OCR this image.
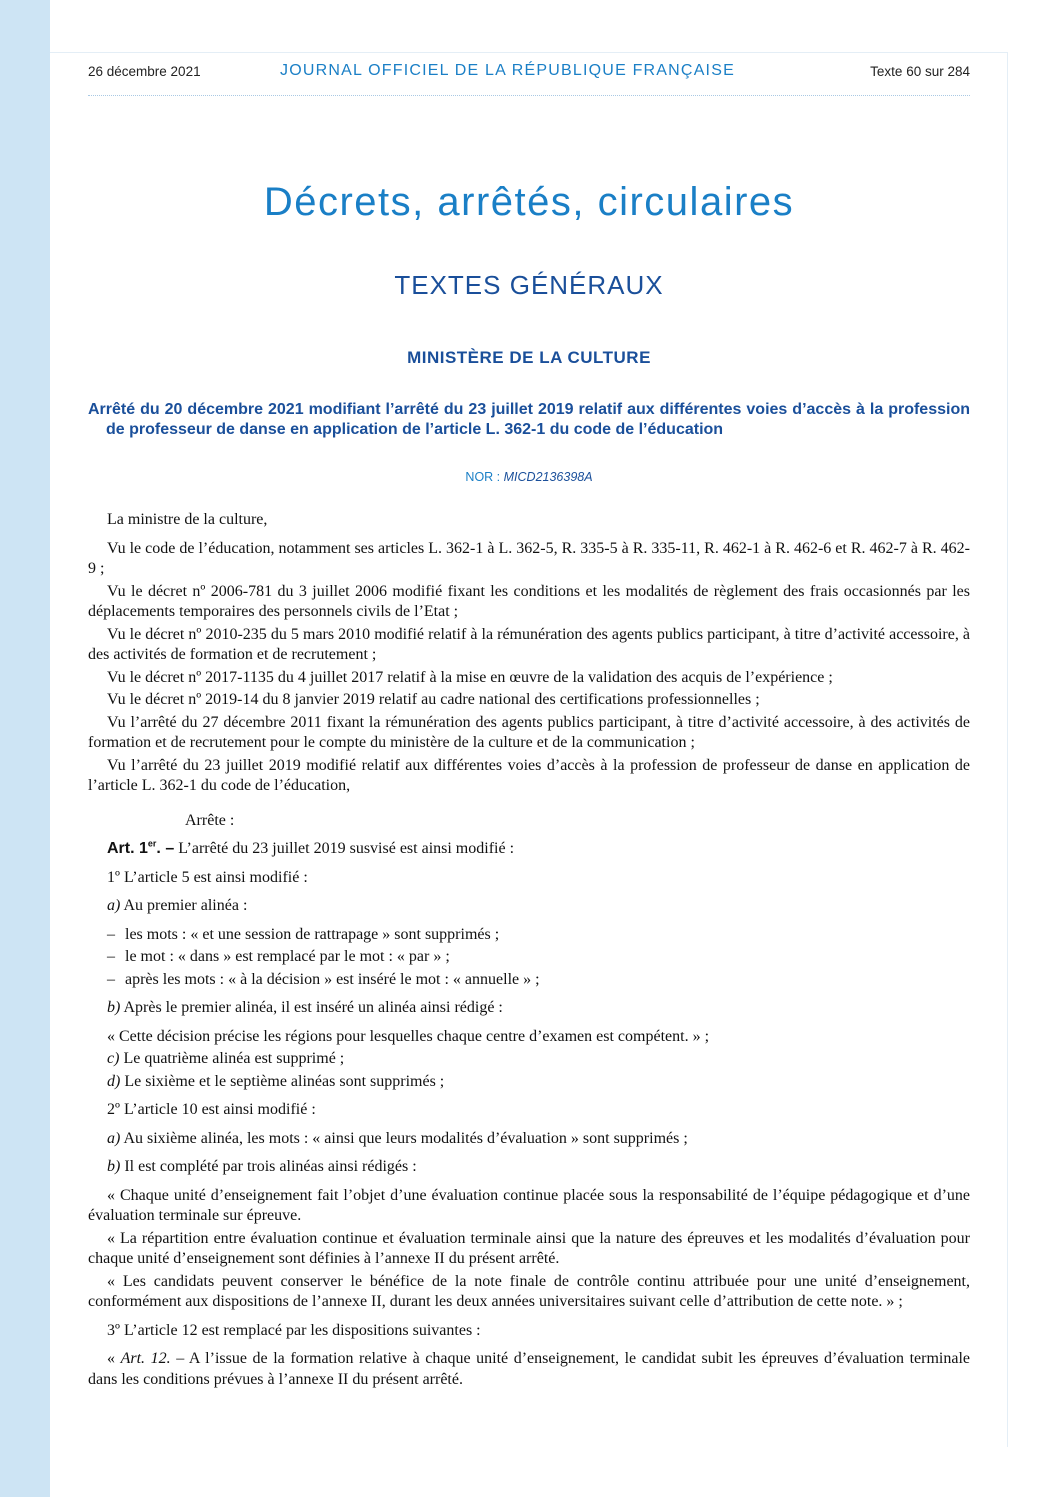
26 décembre 2021	JOURNAL OFFICIEL DE LA RÉPUBLIQUE FRANÇAISE	Texte 60 sur 284
Décrets, arrêtés, circulaires
TEXTES GÉNÉRAUX
MINISTÈRE DE LA CULTURE
Arrêté du 20 décembre 2021 modifiant l’arrêté du 23 juillet 2019 relatif aux différentes voies d’accès à la profession de professeur de danse en application de l’article L. 362-1 du code de l’éducation
NOR : MICD2136398A

La ministre de la culture,

Vu le code de l’éducation, notamment ses articles L. 362-1 à L. 362-5, R. 335-5 à R. 335-11, R. 462-1 à R. 462-6 et R. 462-7 à R. 462-9 ;

Vu le décret nº 2006-781 du 3 juillet 2006 modifié fixant les conditions et les modalités de règlement des frais occasionnés par les déplacements temporaires des personnels civils de l’Etat ;

Vu le décret nº 2010-235 du 5 mars 2010 modifié relatif à la rémunération des agents publics participant, à titre d’activité accessoire, à des activités de formation et de recrutement ;

Vu le décret nº 2017-1135 du 4 juillet 2017 relatif à la mise en œuvre de la validation des acquis de l’expérience ;

Vu le décret nº 2019-14 du 8 janvier 2019 relatif au cadre national des certifications professionnelles ;

Vu l’arrêté du 27 décembre 2011 fixant la rémunération des agents publics participant, à titre d’activité accessoire, à des activités de formation et de recrutement pour le compte du ministère de la culture et de la communication ;

Vu l’arrêté du 23 juillet 2019 modifié relatif aux différentes voies d’accès à la profession de professeur de danse en application de l’article L. 362-1 du code de l’éducation,

Arrête :

Art. 1er. – L’arrêté du 23 juillet 2019 susvisé est ainsi modifié :

1º L’article 5 est ainsi modifié :

a) Au premier alinéa :

– les mots : « et une session de rattrapage » sont supprimés ;

– le mot : « dans » est remplacé par le mot : « par » ;

– après les mots : « à la décision » est inséré le mot : « annuelle » ;

b) Après le premier alinéa, il est inséré un alinéa ainsi rédigé :

« Cette décision précise les régions pour lesquelles chaque centre d’examen est compétent. » ;

c) Le quatrième alinéa est supprimé ;

d) Le sixième et le septième alinéas sont supprimés ;

2º L’article 10 est ainsi modifié :

a) Au sixième alinéa, les mots : « ainsi que leurs modalités d’évaluation » sont supprimés ;

b) Il est complété par trois alinéas ainsi rédigés :

« Chaque unité d’enseignement fait l’objet d’une évaluation continue placée sous la responsabilité de l’équipe pédagogique et d’une évaluation terminale sur épreuve.

« La répartition entre évaluation continue et évaluation terminale ainsi que la nature des épreuves et les modalités d’évaluation pour chaque unité d’enseignement sont définies à l’annexe II du présent arrêté.

« Les candidats peuvent conserver le bénéfice de la note finale de contrôle continu attribuée pour une unité d’enseignement, conformément aux dispositions de l’annexe II, durant les deux années universitaires suivant celle d’attribution de cette note. » ;

3º L’article 12 est remplacé par les dispositions suivantes :

« Art. 12. – A l’issue de la formation relative à chaque unité d’enseignement, le candidat subit les épreuves d’évaluation terminale dans les conditions prévues à l’annexe II du présent arrêté.
